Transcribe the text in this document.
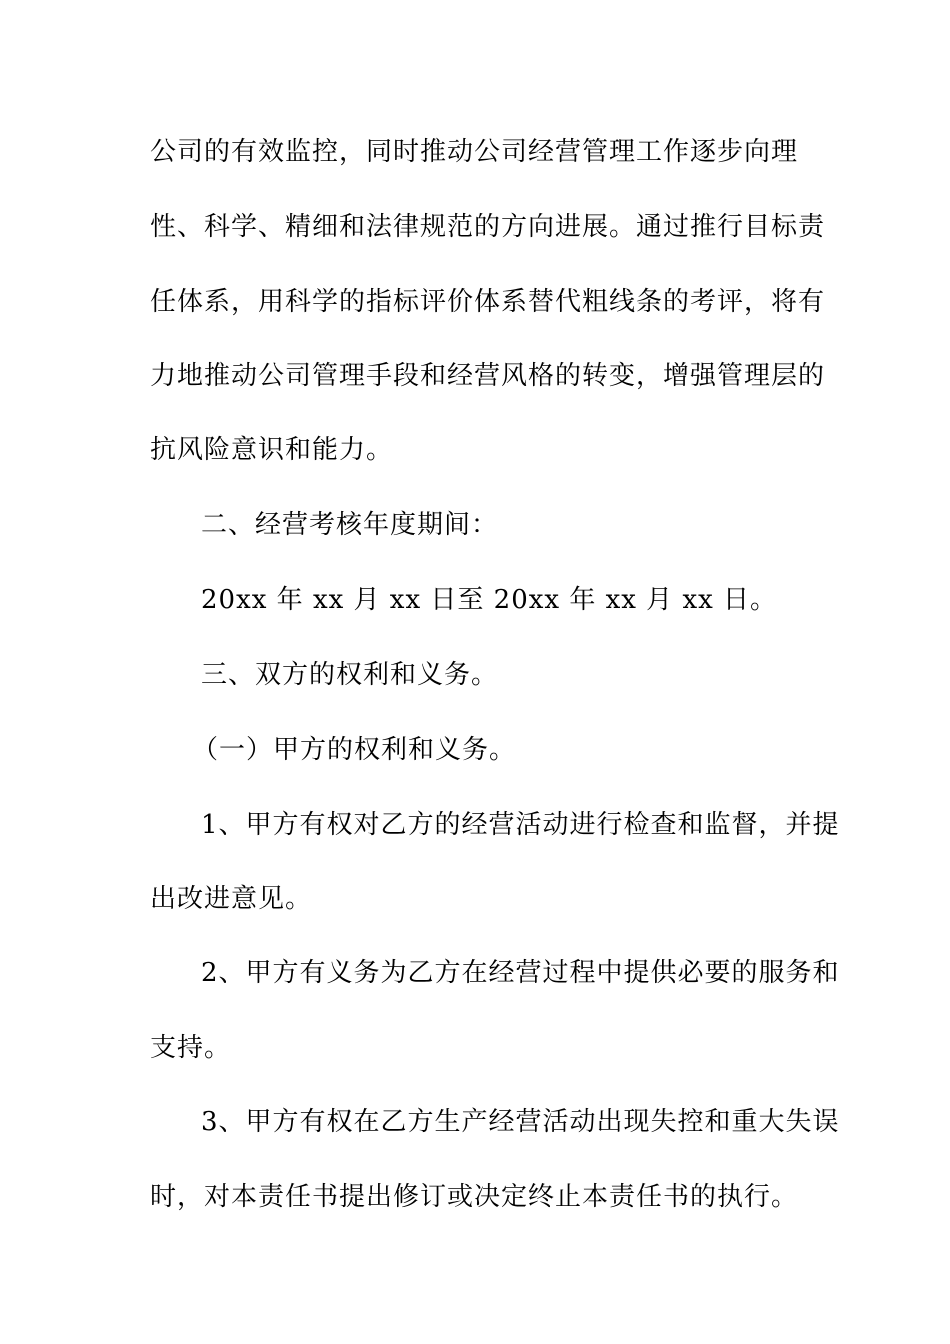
公司的有效监控，同时推动公司经营管理工作逐步向理
性、科学、精细和法律规范的方向进展。通过推行目标责
任体系，用科学的指标评价体系替代粗线条的考评，将有
力地推动公司管理手段和经营风格的转变，增强管理层的
抗风险意识和能力。
二、经营考核年度期间：
20xx 年 xx 月 xx 日至 20xx 年 xx 月 xx 日。
三、双方的权利和义务。
（一）甲方的权利和义务。
1、甲方有权对乙方的经营活动进行检查和监督，并提
出改进意见。
2、甲方有义务为乙方在经营过程中提供必要的服务和
支持。
3、甲方有权在乙方生产经营活动出现失控和重大失误
时，对本责任书提出修订或决定终止本责任书的执行。
